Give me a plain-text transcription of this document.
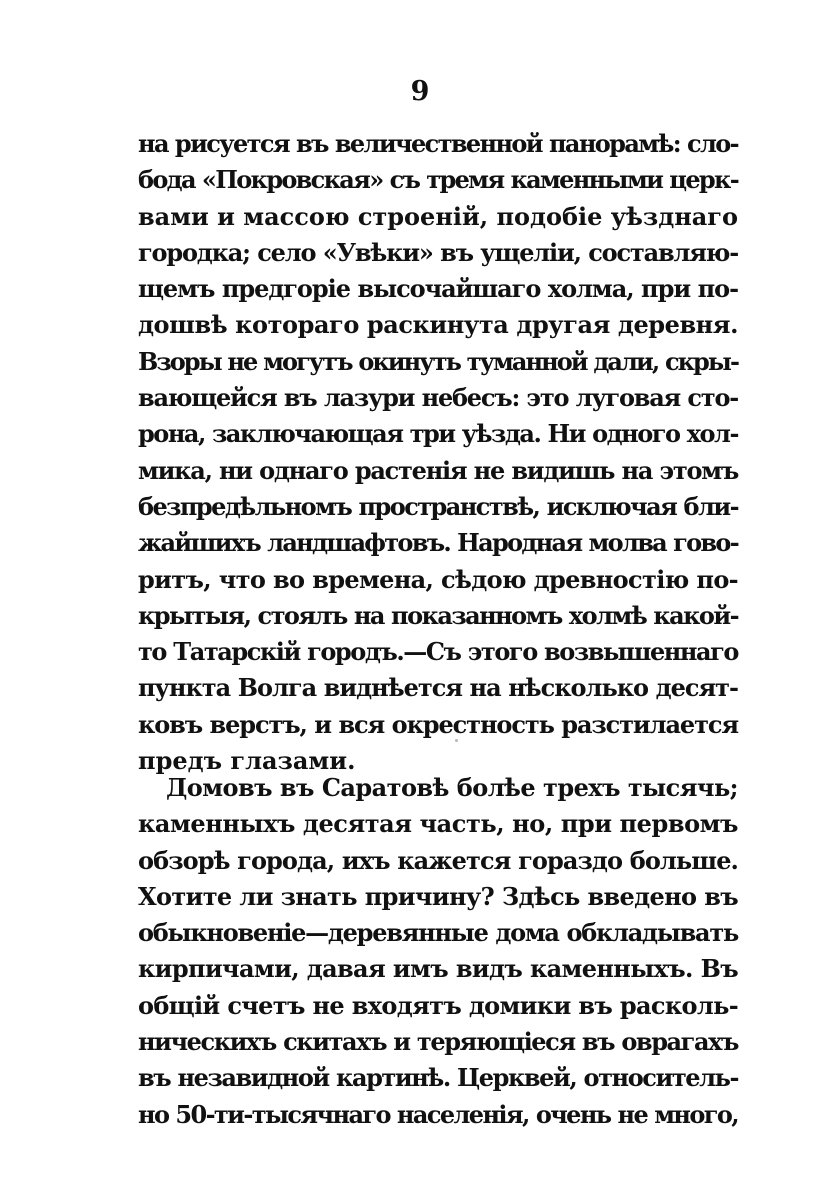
9
на рисуется въ величественной панорамѣ: сло-
бода «Покровская» съ тремя каменными церк-
вами и массою строеній, подобіе уѣзднаго
городка; село «Увѣки» въ ущеліи, составляю-
щемъ предгоріе высочайшаго холма, при по-
дошвѣ котораго раскинута другая деревня.
Взоры не могутъ окинуть туманной дали, скры-
вающейся въ лазури небесъ: это луговая сто-
рона, заключающая три уѣзда. Ни одного хол-
мика, ни однаго растенія не видишь на этомъ
безпредѣльномъ пространствѣ, исключая бли-
жайшихъ ландшафтовъ. Народная молва гово-
ритъ, что во времена, сѣдою древностію по-
крытыя, стоялъ на показанномъ холмѣ какой-
то Татарскій городъ.—Съ этого возвышеннаго
пункта Волга виднѣется на нѣсколько десят-
ковъ верстъ, и вся окрестность разстилается
предъ глазами.
Домовъ въ Саратовѣ болѣе трехъ тысячь;
каменныхъ десятая часть, но, при первомъ
обзорѣ города, ихъ кажется гораздо больше.
Хотите ли знать причину? Здѣсь введено въ
обыкновеніе—деревянные дома обкладывать
кирпичами, давая имъ видъ каменныхъ. Въ
общій счетъ не входятъ домики въ расколь-
ническихъ скитахъ и теряющіеся въ оврагахъ
въ незавидной картинѣ. Церквей, относитель-
но 50-ти-тысячнаго населенія, очень не много,
